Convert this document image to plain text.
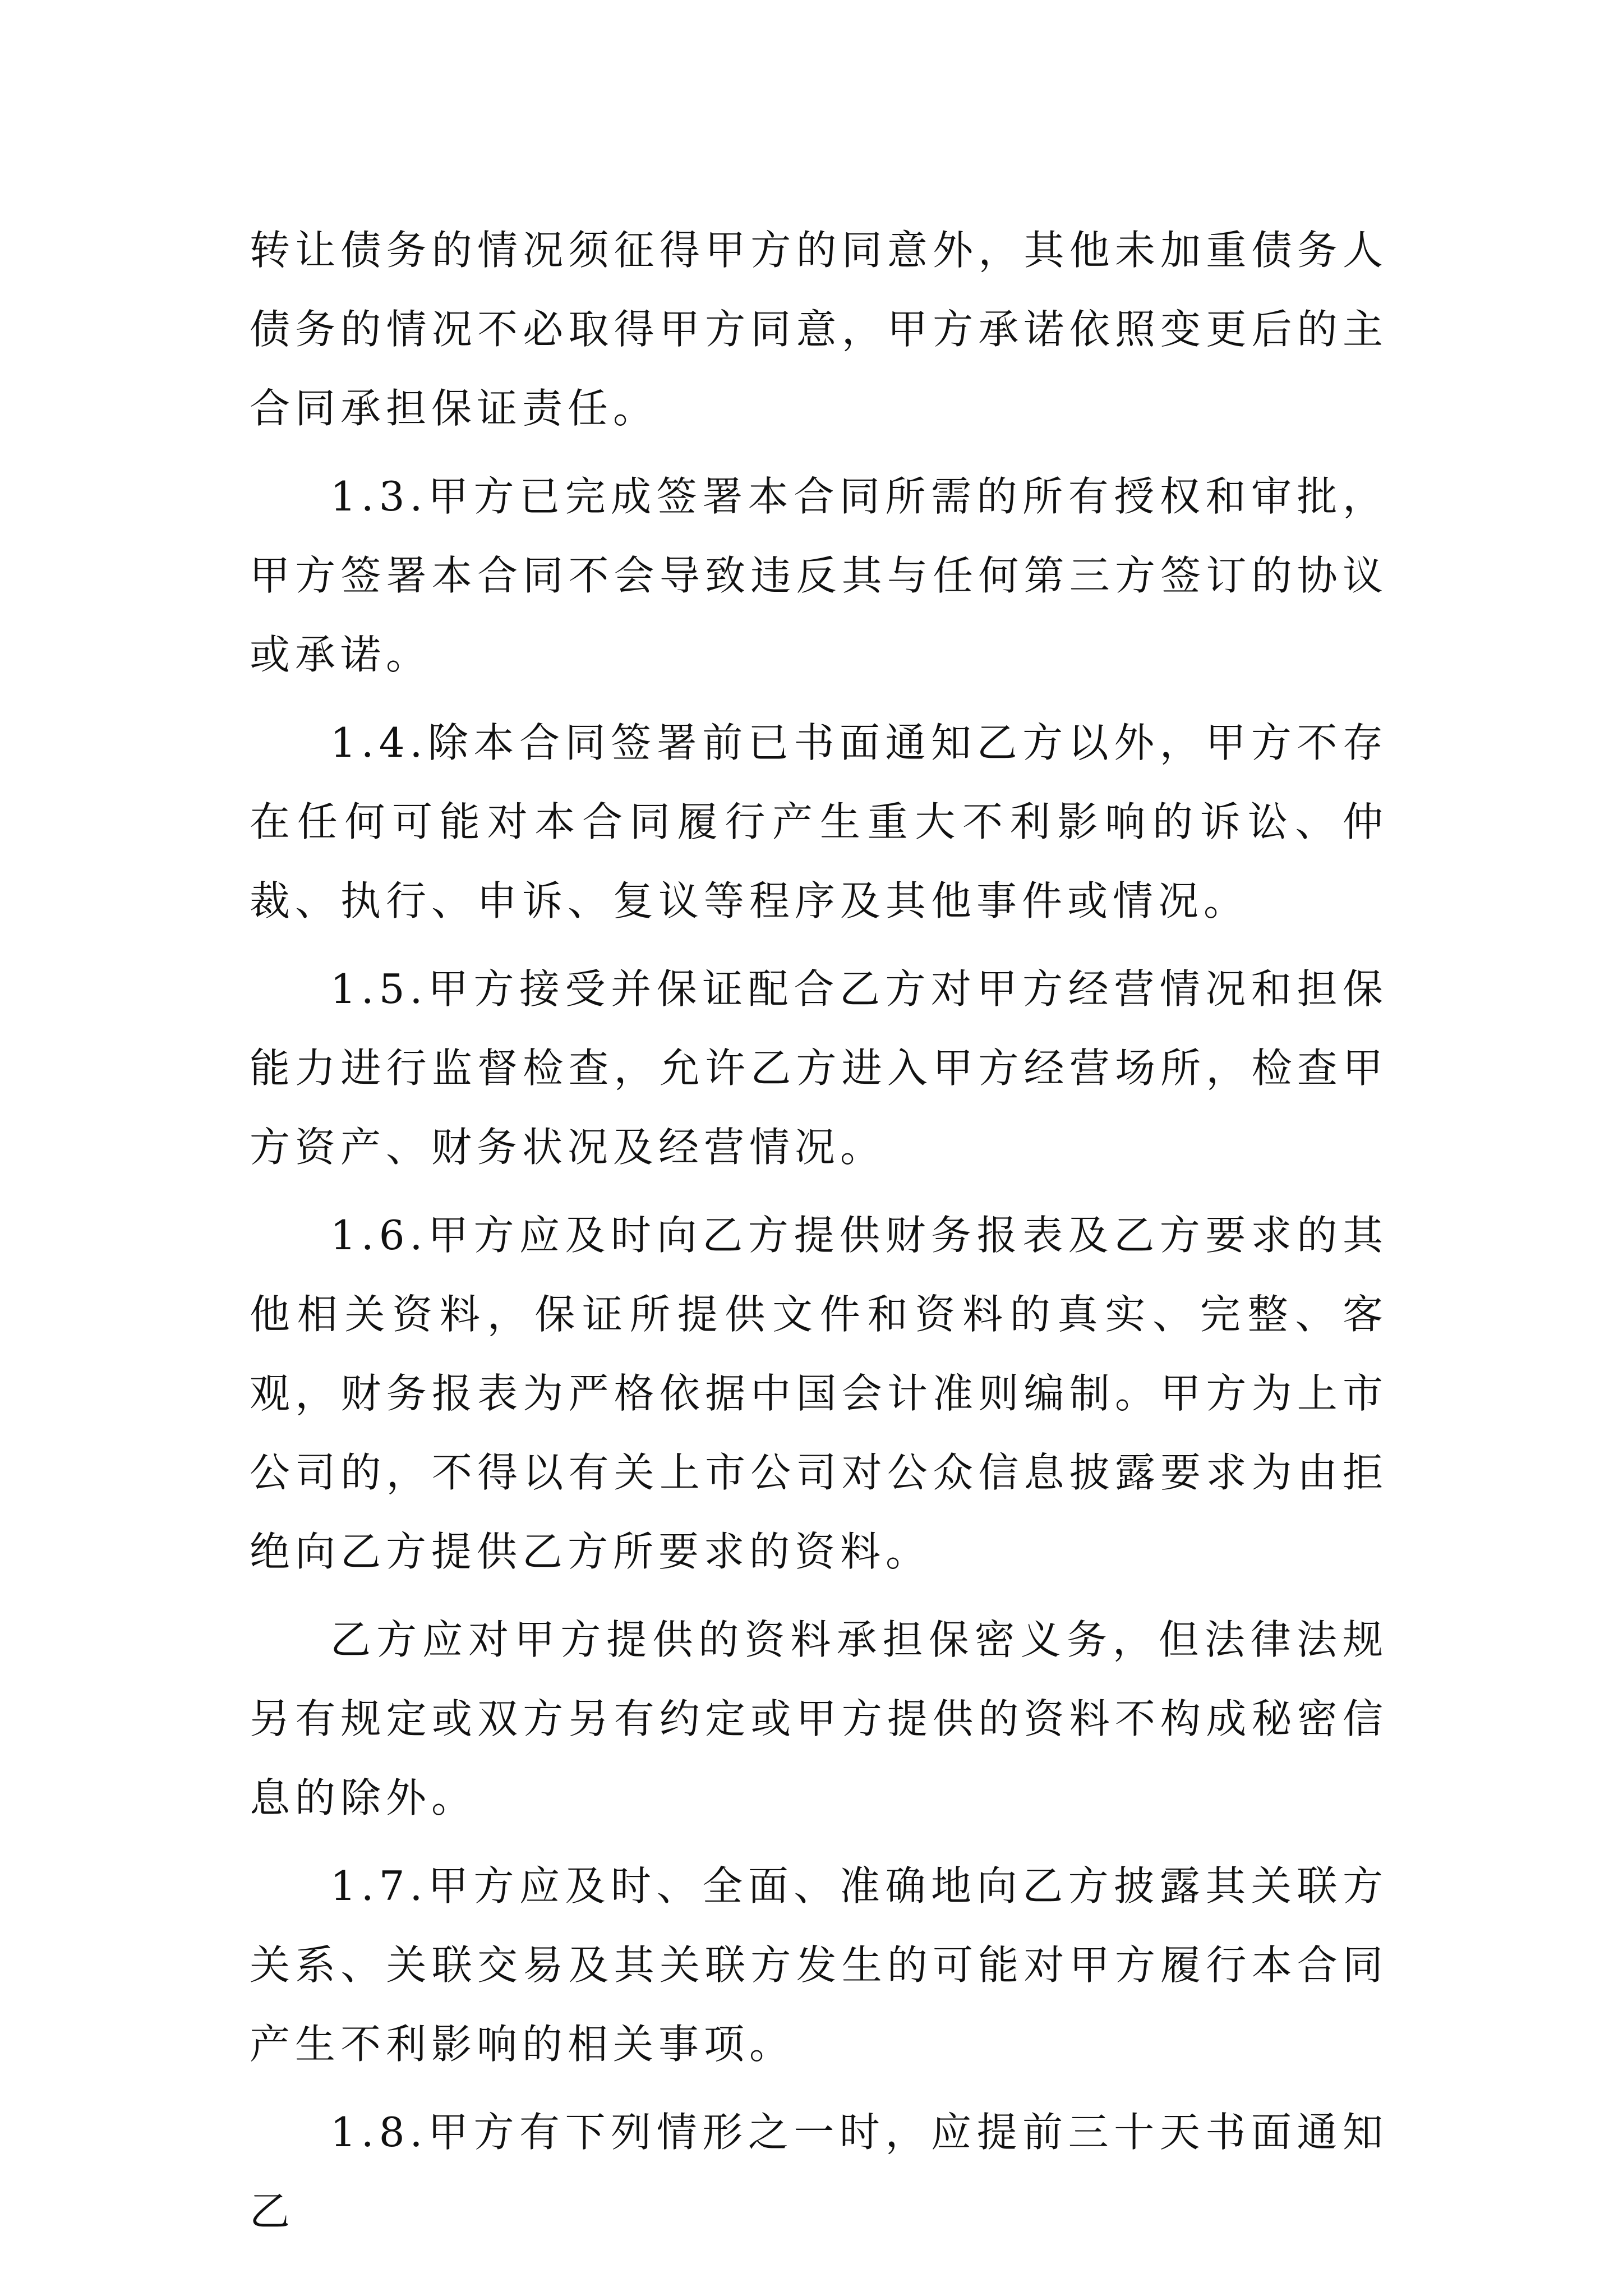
转让债务的情况须征得甲方的同意外，其他未加重债务人债务的情况不必取得甲方同意，甲方承诺依照变更后的主合同承担保证责任。

1.3.甲方已完成签署本合同所需的所有授权和审批，甲方签署本合同不会导致违反其与任何第三方签订的协议或承诺。

1.4.除本合同签署前已书面通知乙方以外，甲方不存在任何可能对本合同履行产生重大不利影响的诉讼、仲裁、执行、申诉、复议等程序及其他事件或情况。

1.5.甲方接受并保证配合乙方对甲方经营情况和担保能力进行监督检查，允许乙方进入甲方经营场所，检查甲方资产、财务状况及经营情况。

1.6.甲方应及时向乙方提供财务报表及乙方要求的其他相关资料，保证所提供文件和资料的真实、完整、客观，财务报表为严格依据中国会计准则编制。甲方为上市公司的，不得以有关上市公司对公众信息披露要求为由拒绝向乙方提供乙方所要求的资料。

乙方应对甲方提供的资料承担保密义务，但法律法规另有规定或双方另有约定或甲方提供的资料不构成秘密信息的除外。

1.7.甲方应及时、全面、准确地向乙方披露其关联方关系、关联交易及其关联方发生的可能对甲方履行本合同产生不利影响的相关事项。

1.8.甲方有下列情形之一时，应提前三十天书面通知乙
